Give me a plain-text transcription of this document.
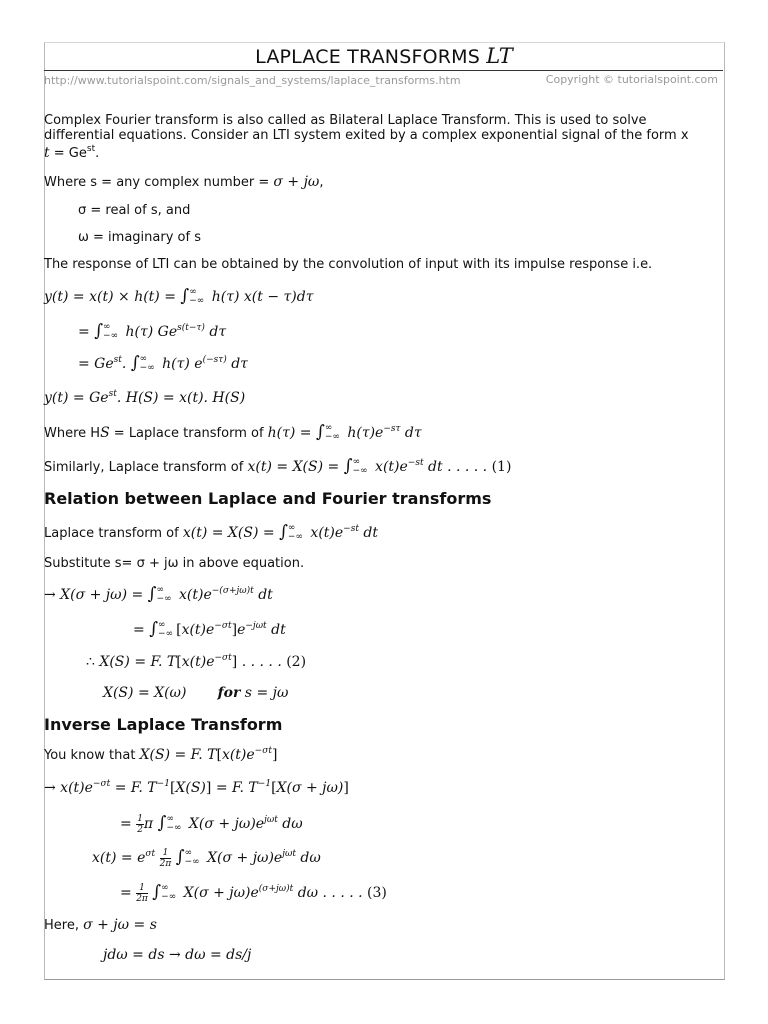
LAPLACE TRANSFORMS LT
http://www.tutorialspoint.com/signals_and_systems/laplace_transforms.htm	Copyright © tutorialspoint.com
Complex Fourier transform is also called as Bilateral Laplace Transform. This is used to solve
differential equations. Consider an LTI system exited by a complex exponential signal of the form x
$t = Ge^{st}$.
Where s = any complex number = σ + jω,
σ = real of s, and
ω = imaginary of s
The response of LTI can be obtained by the convolution of input with its impulse response i.e.
y(t) = x(t) × h(t) = ∫∞
−∞ h(τ) x(t − τ)dτ
= ∫∞
−∞ h(τ) $Ge^{s(t-\tau)}$ dτ
= $Ge^{st}$. ∫∞
−∞ h(τ) $e^{(-s\tau)}$ dτ
$y(t) = Ge^{st}$. H(S) = x(t). H(S)
Where HS = Laplace transform of h(τ) = ∫∞
−∞ $h(\tau)e^{-s\tau}$ dτ
Similarly, Laplace transform of x(t) = X(S) = ∫∞
−∞ $x(t)e^{-st}$ dt . . . . . (1)
Relation between Laplace and Fourier transforms
Laplace transform of x(t) = X(S) = ∫∞
−∞ $x(t)e^{-st}$ dt
Substitute s= σ + jω in above equation.
→ X(σ + jω) = ∫∞
−∞ $x(t)e^{-(\sigma+j\omega)t}$ dt
= ∫∞
−∞ $[x(t)e^{-\sigma t}]e^{-j\omega t}$ dt
∴ X(S) = F. $T[x(t)e^{-\sigma t}]$ . . . . . (2)
X(S) = X(ω)       for s = jω
Inverse Laplace Transform
You know that X(S) = F. $T[x(t)e^{-\sigma t}]$
→ $x(t)e^{-\sigma t} = F$. $T^{-1}[X(S)] = F$. $T^{-1}[X(\sigma + j\omega)]$
= $\frac{1}{2}$ π ∫∞
−∞ $X(\sigma + j\omega)e^{j\omega t}$ dω
$x(t) = e^{\sigma t} \frac{1}{2\pi}$ ∫∞
−∞ $X(\sigma + j\omega)e^{j\omega t}$ dω
= $\frac{1}{2\pi}$ ∫∞
−∞ $X(\sigma + j\omega)e^{(\sigma+j\omega)t}$ dω . . . . . (3)
Here, σ + jω = s
jdω = ds → dω = ds/j
